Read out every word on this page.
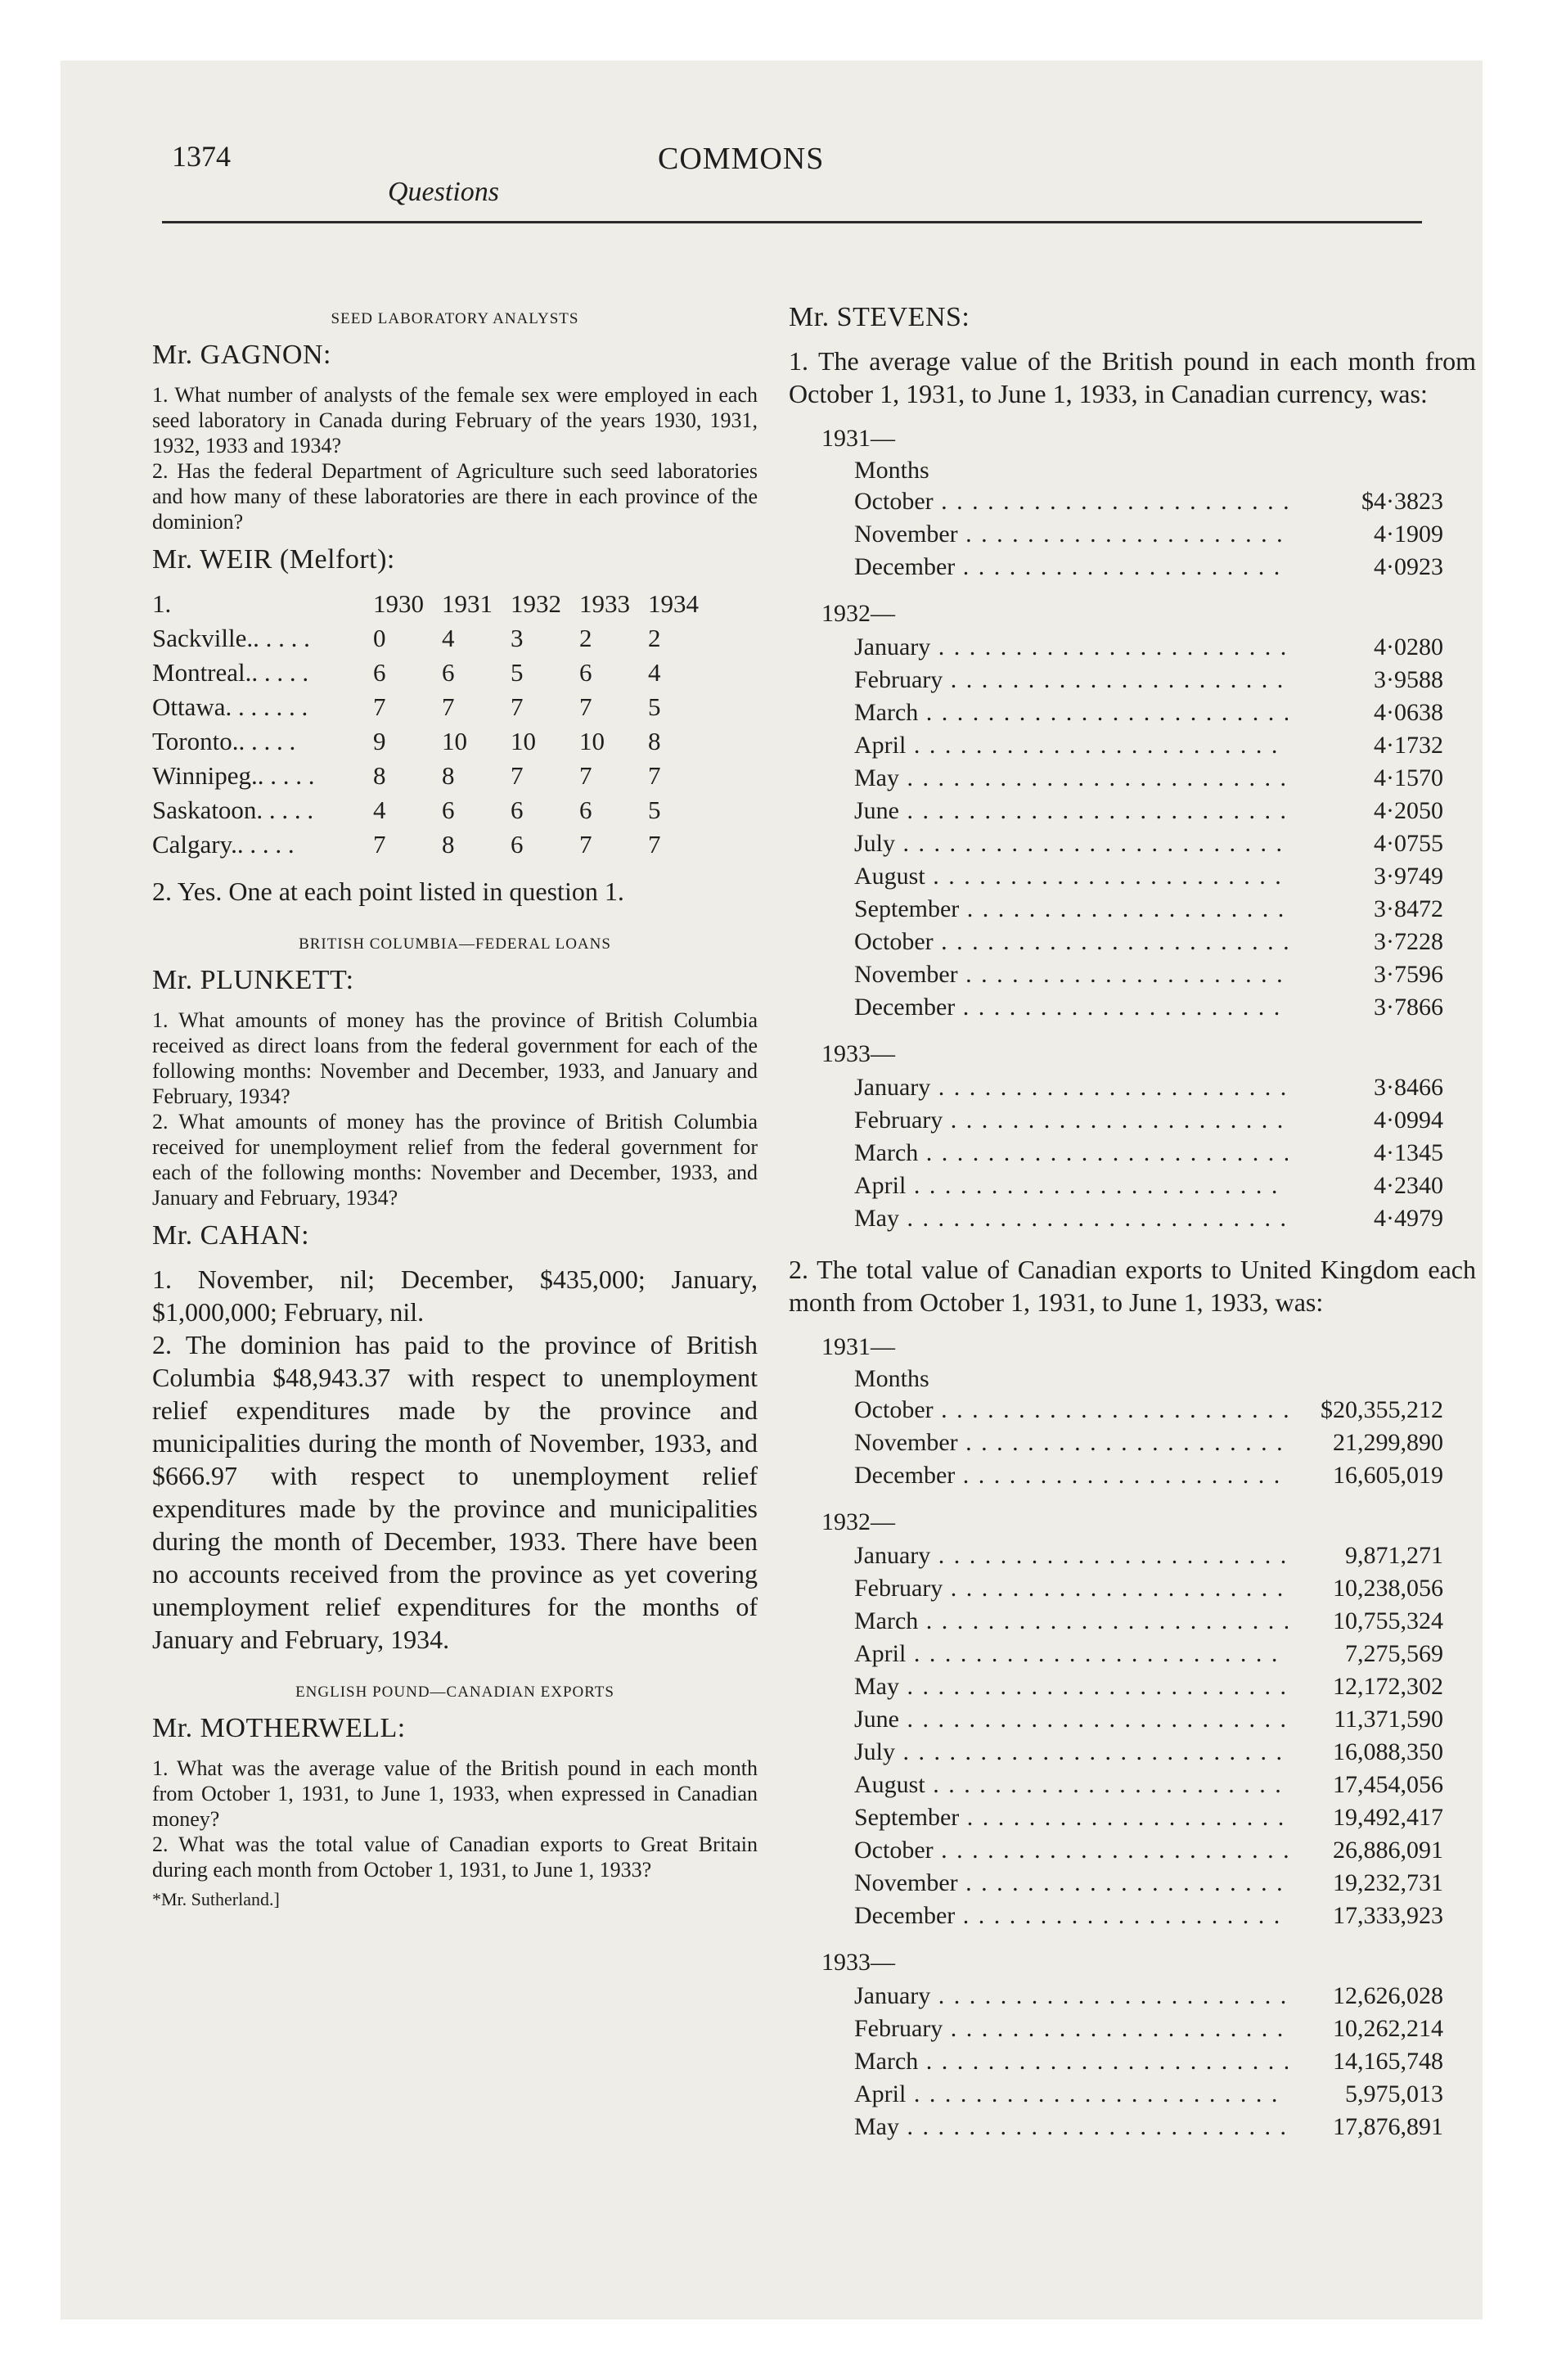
1374	COMMONS
Questions
SEED LABORATORY ANALYSTS
Mr. GAGNON:

1. What number of analysts of the female sex were employed in each seed laboratory in Canada during February of the years 1930, 1931, 1932, 1933 and 1934?

2. Has the federal Department of Agriculture such seed laboratories and how many of these laboratories are there in each province of the dominion?

Mr. WEIR (Melfort):
1.	1930	1931	1932	1933	1934
Sackville.. . . . .	0	4	3	2	2
Montreal.. . . . .	6	6	5	6	4
Ottawa. . . . . . .	7	7	7	7	5
Toronto.. . . . .	9	10	10	10	8
Winnipeg.. . . . .	8	8	7	7	7
Saskatoon. . . . .	4	6	6	6	5
Calgary.. . . . .	7	8	6	7	7

2. Yes. One at each point listed in question 1.

BRITISH COLUMBIA—FEDERAL LOANS
Mr. PLUNKETT:

1. What amounts of money has the province of British Columbia received as direct loans from the federal government for each of the following months: November and December, 1933, and January and February, 1934?

2. What amounts of money has the province of British Columbia received for unemployment relief from the federal government for each of the following months: November and December, 1933, and January and February, 1934?

Mr. CAHAN:

1. November, nil; December, $435,000; January, $1,000,000; February, nil.

2. The dominion has paid to the province of British Columbia $48,943.37 with respect to unemployment relief expenditures made by the province and municipalities during the month of November, 1933, and $666.97 with respect to unemployment relief expenditures made by the province and municipalities during the month of December, 1933. There have been no accounts received from the province as yet covering unemployment relief expenditures for the months of January and February, 1934.

ENGLISH POUND—CANADIAN EXPORTS
Mr. MOTHERWELL:

1. What was the average value of the British pound in each month from October 1, 1931, to June 1, 1933, when expressed in Canadian money?

2. What was the total value of Canadian exports to Great Britain during each month from October 1, 1931, to June 1, 1933?

*Mr. Sutherland.]
Mr. STEVENS:

1. The average value of the British pound in each month from October 1, 1931, to June 1, 1933, in Canadian currency, was:

1931—
Months
October . . .	$4·3823
November . . .	4·1909
December . . .	4·0923
1932—
January . . .	4·0280
February . . .	3·9588
March . . .	4·0638
April . . .	4·1732
May . . .	4·1570
June . . .	4·2050
July . . .	4·0755
August . . .	3·9749
September . . .	3·8472
October . . .	3·7228
November . . .	3·7596
December . . .	3·7866
1933—
January . . .	3·8466
February . . .	4·0994
March . . .	4·1345
April . . .	4·2340
May . . .	4·4979

2. The total value of Canadian exports to United Kingdom each month from October 1, 1931, to June 1, 1933, was:

1931—
Months
October . . .	$20,355,212
November . . .	21,299,890
December . . .	16,605,019
1932—
January . . .	9,871,271
February . . .	10,238,056
March . . .	10,755,324
April . . .	7,275,569
May . . .	12,172,302
June . . .	11,371,590
July . . .	16,088,350
August . . .	17,454,056
September . . .	19,492,417
October . . .	26,886,091
November . . .	19,232,731
December . . .	17,333,923
1933—
January . . .	12,626,028
February . . .	10,262,214
March . . .	14,165,748
April . . .	5,975,013
May . . .	17,876,891
